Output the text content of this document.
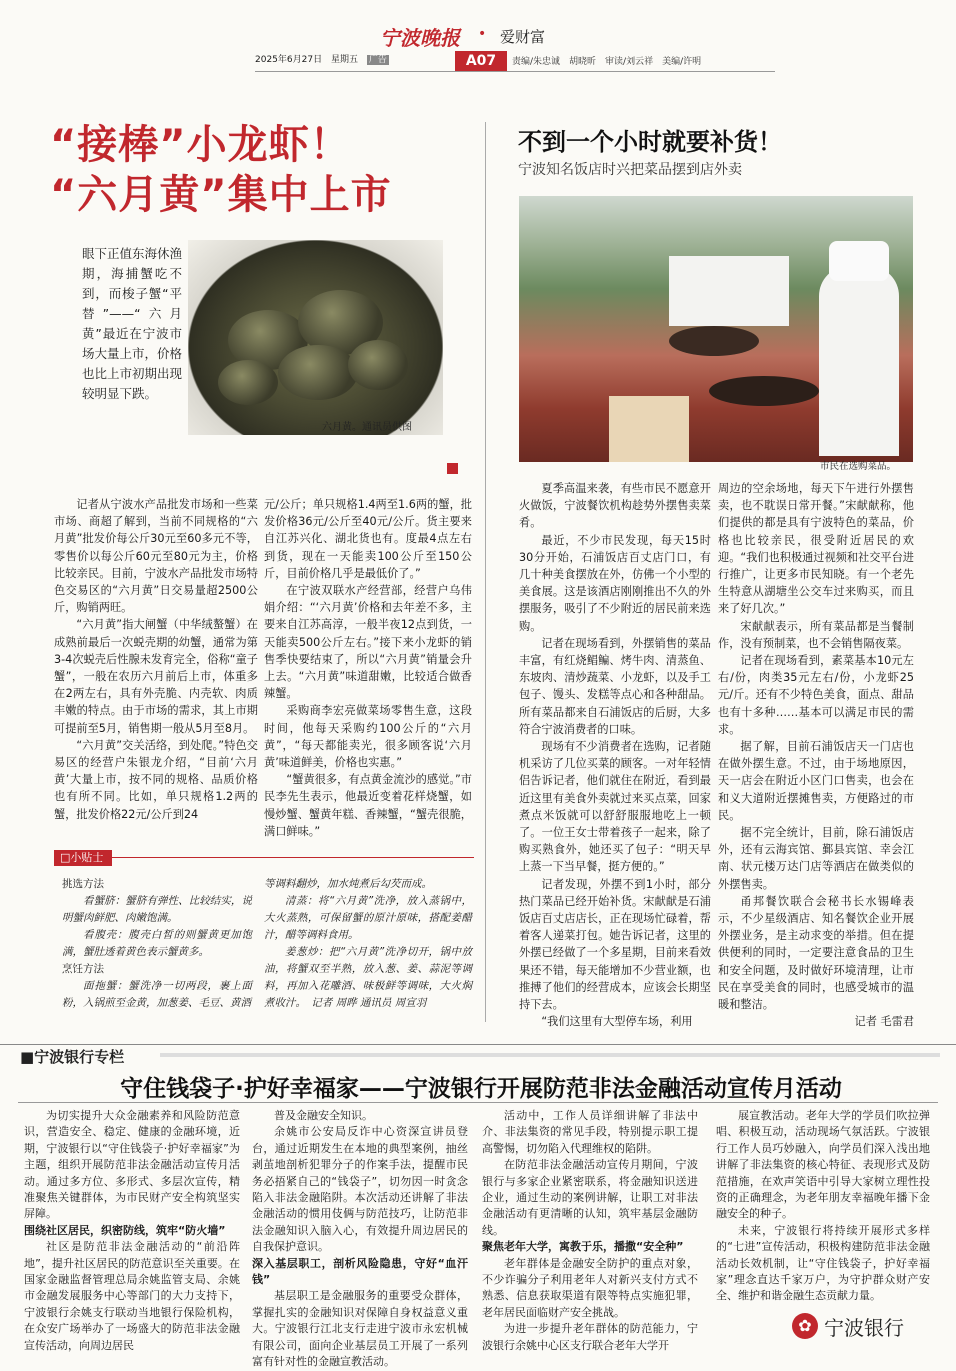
宁波晚报 • 爱财富
2025年6月27日 星期五 广告	A07	责编/朱忠诚　胡晓昕　审读/刘云祥　美编/许明
“接棒”小龙虾！
“六月黄”集中上市
眼下正值东海休渔期，海捕蟹吃不到，而梭子蟹“平替”——“六月黄”最近在宁波市场大量上市，价格也比上市初期出现较明显下跌。
六月黄。通讯员供图

记者从宁波水产品批发市场和一些菜市场、商超了解到，当前不同规格的“六月黄”批发价每公斤30元至60多元不等，零售价以每公斤60元至80元为主，价格比较亲民。目前，宁波水产品批发市场特色交易区的“六月黄”日交易量超2500公斤，购销两旺。

“六月黄”指大闸蟹（中华绒螯蟹）在成熟前最后一次蜕壳期的幼蟹，通常为第3-4次蜕壳后性腺未发育完全，俗称“童子蟹”，一般在农历六月前后上市，体重多在2两左右，具有外壳脆、内壳软、肉质丰嫩的特点。由于市场的需求，其上市期可提前至5月，销售期一般从5月至8月。

“六月黄”交关活络，到处爬。”特色交易区的经营户朱银龙介绍，“目前‘六月黄’大量上市，按不同的规格、品质价格也有所不同。比如，单只规格1.2两的蟹，批发价格22元/公斤到24

元/公斤；单只规格1.4两至1.6两的蟹，批发价格36元/公斤至40元/公斤。货主要来自江苏兴化、湖北货也有。度最4点左右到货，现在一天能卖100公斤至150公斤，目前价格几乎是最低价了。”

在宁波双联水产经营部，经营户乌伟娟介绍：“‘六月黄’价格和去年差不多，主要来自江苏高淳，一般半夜12点到货，一天能卖500公斤左右。”接下来小龙虾的销售季快要结束了，所以“六月黄”销量会升上去。“六月黄”味道甜嫩，比较适合做香辣蟹。

采购商李宏亮做菜场零售生意，这段时间，他每天采购约100公斤的“六月黄”，“每天都能卖光，很多顾客说‘六月黄’味道鲜美，价格也实惠。”

“蟹黄很多，有点黄金流沙的感觉。”市民李先生表示，他最近变着花样烧蟹，如慢炒蟹、蟹黄年糕、香辣蟹，“蟹壳很脆，满口鲜味。”

□小贴士

挑选方法

看蟹脐：蟹脐有弹性、比较结实，说明蟹肉鲜肥、肉嫩饱满。

看腹壳：腹壳白皙的则蟹黄更加饱满，蟹肚透着黄色表示蟹黄多。

烹饪方法

面拖蟹：蟹洗净一切两段，裹上面粉，入锅煎至金黄，加葱姜、毛豆、黄酒

等调料翻炒，加水炖煮后勾芡而成。

清蒸：将“六月黄”洗净，放入蒸锅中，大火蒸熟，可保留蟹的原汁原味，搭配姜醋汁，醋等调料食用。

姜葱炒：把“六月黄”洗净切开，锅中放油，将蟹双至半熟，放入葱、姜、蒜泥等调料，再加入花雕酒、味极鲜等调味，大火焖煮收汁。　记者 周晔 通讯员 周宣羽

不到一个小时就要补货！
宁波知名饭店时兴把菜品摆到店外卖
市民在选购菜品。

夏季高温来袭，有些市民不愿意开火做饭，宁波餐饮机构趁势外摆售卖菜肴。

最近，不少市民发现，每天15时30分开始，石浦饭店百丈店门口，有几十种美食摆放在外，仿佛一个小型的美食展。这是该酒店刚刚推出不久的外摆服务，吸引了不少附近的居民前来选购。

记者在现场看到，外摆销售的菜品丰富，有红烧鲳鳊、烤牛肉、清蒸鱼、东坡肉、清炒蔬菜、小龙虾，以及手工包子、馒头、发糕等点心和各种甜品。所有菜品都来自石浦饭店的后厨，大多符合宁波消费者的口味。

现场有不少消费者在选购，记者随机采访了几位买菜的顾客。一对年轻情侣告诉记者，他们就住在附近，看到最近这里有美食外卖就过来买点菜，回家煮点米饭就可以舒舒服服地吃上一顿了。一位王女士带着孩子一起来，除了购买熟食外，她还买了包子：“明天早上蒸一下当早餐，挺方便的。”

记者发现，外摆不到1小时，部分热门菜品已经开始补货。宋献献是石浦饭店百丈店店长，正在现场忙碌着，帮着客人递菜打包。她告诉记者，这里的外摆已经做了一个多星期，目前来看效果还不错，每天能增加不少营业额，也推搏了他们的经营成本，应该会长期坚持下去。

“我们这里有大型停车场，利用

周边的空余场地，每天下午进行外摆售卖，也不耽误日常开餐。”宋献献称，他们提供的都是具有宁波特色的菜品，价格也比较亲民，很受附近居民的欢迎。“我们也积极通过视频和社交平台进行推广，让更多市民知晓。有一个老先生特意从湖塘坐公交车过来购买，而且来了好几次。”

宋献献表示，所有菜品都是当餐制作，没有预制菜，也不会销售隔夜菜。

记者在现场看到，素菜基本10元左右/份，肉类35元左右/份，小龙虾25元/斤。还有不少特色美食，面点、甜品也有十多种……基本可以满足市民的需求。

据了解，目前石浦饭店天一门店也在做外摆生意。不过，由于场地原因，天一店会在附近小区门口售卖，也会在和义大道附近摆摊售卖，方便路过的市民。

据不完全统计，目前，除石浦饭店外，还有云海宾馆、鄞县宾馆、幸会江南、状元楼万达门店等酒店在做类似的外摆售卖。

甬邦餐饮联合会秘书长水锡峰表示，不少星级酒店、知名餐饮企业开展外摆业务，是主动求变的举措。但在提供便利的同时，一定要注意食品的卫生和安全问题，及时做好环境清理，让市民在享受美食的同时，也感受城市的温暖和整洁。

记者 毛雷君

■宁波银行专栏
守住钱袋子·护好幸福家——宁波银行开展防范非法金融活动宣传月活动

为切实提升大众金融素养和风险防范意识，营造安全、稳定、健康的金融环境，近期，宁波银行以“守住钱袋子·护好幸福家”为主题，组织开展防范非法金融活动宣传月活动。通过多方位、多形式、多层次宣传，精准聚焦关键群体，为市民财产安全构筑坚实屏障。

围绕社区居民，织密防线，筑牢“防火墙”

社区是防范非法金融活动的“前沿阵地”，提升社区居民的防范意识至关重要。在国家金融监督管理总局余姚监管支局、余姚市金融发展服务中心等部门的大力支持下，宁波银行余姚支行联动当地银行保险机构，在众安广场举办了一场盛大的防范非法金融宣传活动，向周边居民

普及金融安全知识。

余姚市公安局反诈中心资深宣讲员登台，通过近期发生在本地的典型案例，抽丝剥茧地剖析犯罪分子的作案手法，提醒市民务必捂紧自己的“钱袋子”，切勿因一时贪念陷入非法金融陷阱。本次活动还讲解了非法金融活动的惯用伎俩与防范技巧，让防范非法金融知识入脑入心，有效提升周边居民的自我保护意识。

深入基层职工，剖析风险隐患，守好“血汗钱”

基层职工是金融服务的重要受众群体，掌握扎实的金融知识对保障自身权益意义重大。宁波银行江北支行走进宁波市永宏机械有限公司，面向企业基层员工开展了一系列富有针对性的金融宣教活动。

活动中，工作人员详细讲解了非法中介、非法集资的常见手段，特别提示职工提高警惕，切勿陷入代理维权的陷阱。

在防范非法金融活动宣传月期间，宁波银行与多家企业紧密联系，将金融知识送进企业，通过生动的案例讲解，让职工对非法金融活动有更清晰的认知，筑牢基层金融防线。

聚焦老年大学，寓教于乐，播撒“安全种”

老年群体是金融安全防护的重点对象，不少诈骗分子利用老年人对新兴支付方式不熟悉、信息获取渠道有限等特点实施犯罪，老年居民面临财产安全挑战。

为进一步提升老年群体的防范能力，宁波银行余姚中心区支行联合老年大学开

展宣教活动。老年大学的学员们吹拉弹唱、积极互动，活动现场气氛活跃。宁波银行工作人员巧妙融入，向学员们深入浅出地讲解了非法集资的核心特征、表现形式及防范措施，在欢声笑语中引导大家树立理性投资的正确理念，为老年朋友幸福晚年播下金融安全的种子。

未来，宁波银行将持续开展形式多样的“七进”宣传活动，积极构建防范非法金融活动长效机制，让“守住钱袋子，护好幸福家”理念直达千家万户，为守护群众财产安全、维护和谐金融生态贡献力量。

✿ 宁波银行
